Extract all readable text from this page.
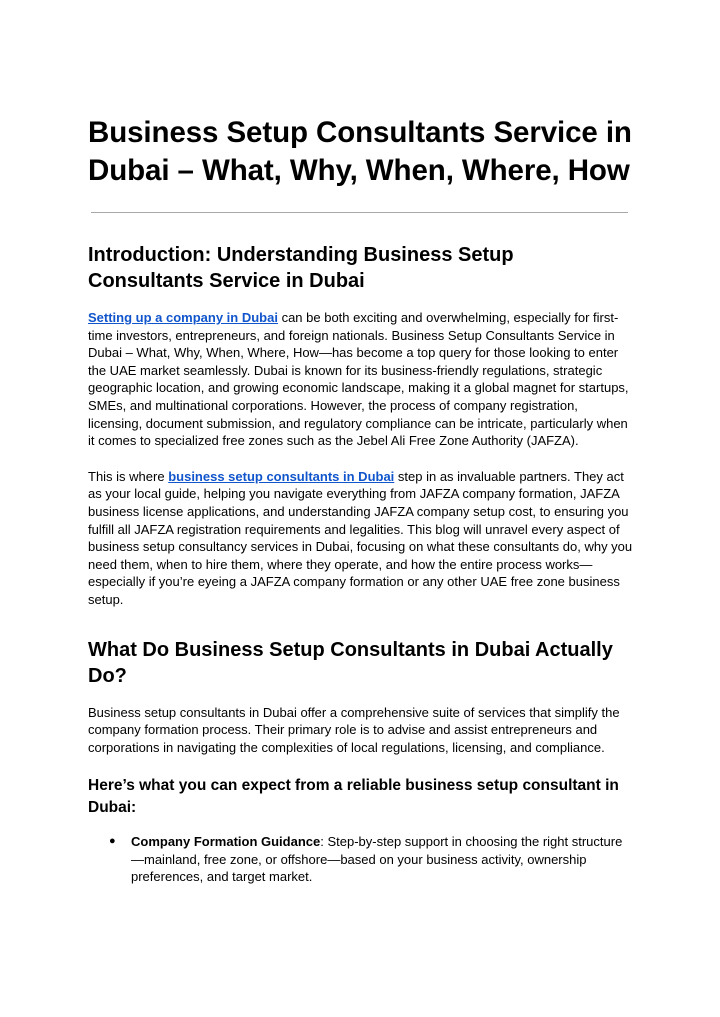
Business Setup Consultants Service in Dubai – What, Why, When, Where, How
Introduction: Understanding Business Setup Consultants Service in Dubai

Setting up a company in Dubai can be both exciting and overwhelming, especially for first-time investors, entrepreneurs, and foreign nationals. Business Setup Consultants Service in Dubai – What, Why, When, Where, How—has become a top query for those looking to enter the UAE market seamlessly. Dubai is known for its business-friendly regulations, strategic geographic location, and growing economic landscape, making it a global magnet for startups, SMEs, and multinational corporations. However, the process of company registration, licensing, document submission, and regulatory compliance can be intricate, particularly when it comes to specialized free zones such as the Jebel Ali Free Zone Authority (JAFZA).

This is where business setup consultants in Dubai step in as invaluable partners. They act as your local guide, helping you navigate everything from JAFZA company formation, JAFZA business license applications, and understanding JAFZA company setup cost, to ensuring you fulfill all JAFZA registration requirements and legalities. This blog will unravel every aspect of business setup consultancy services in Dubai, focusing on what these consultants do, why you need them, when to hire them, where they operate, and how the entire process works—especially if you’re eyeing a JAFZA company formation or any other UAE free zone business setup.

What Do Business Setup Consultants in Dubai Actually Do?

Business setup consultants in Dubai offer a comprehensive suite of services that simplify the company formation process. Their primary role is to advise and assist entrepreneurs and corporations in navigating the complexities of local regulations, licensing, and compliance.

Here’s what you can expect from a reliable business setup consultant in Dubai:
● Company Formation Guidance: Step-by-step support in choosing the right structure—mainland, free zone, or offshore—based on your business activity, ownership preferences, and target market.
